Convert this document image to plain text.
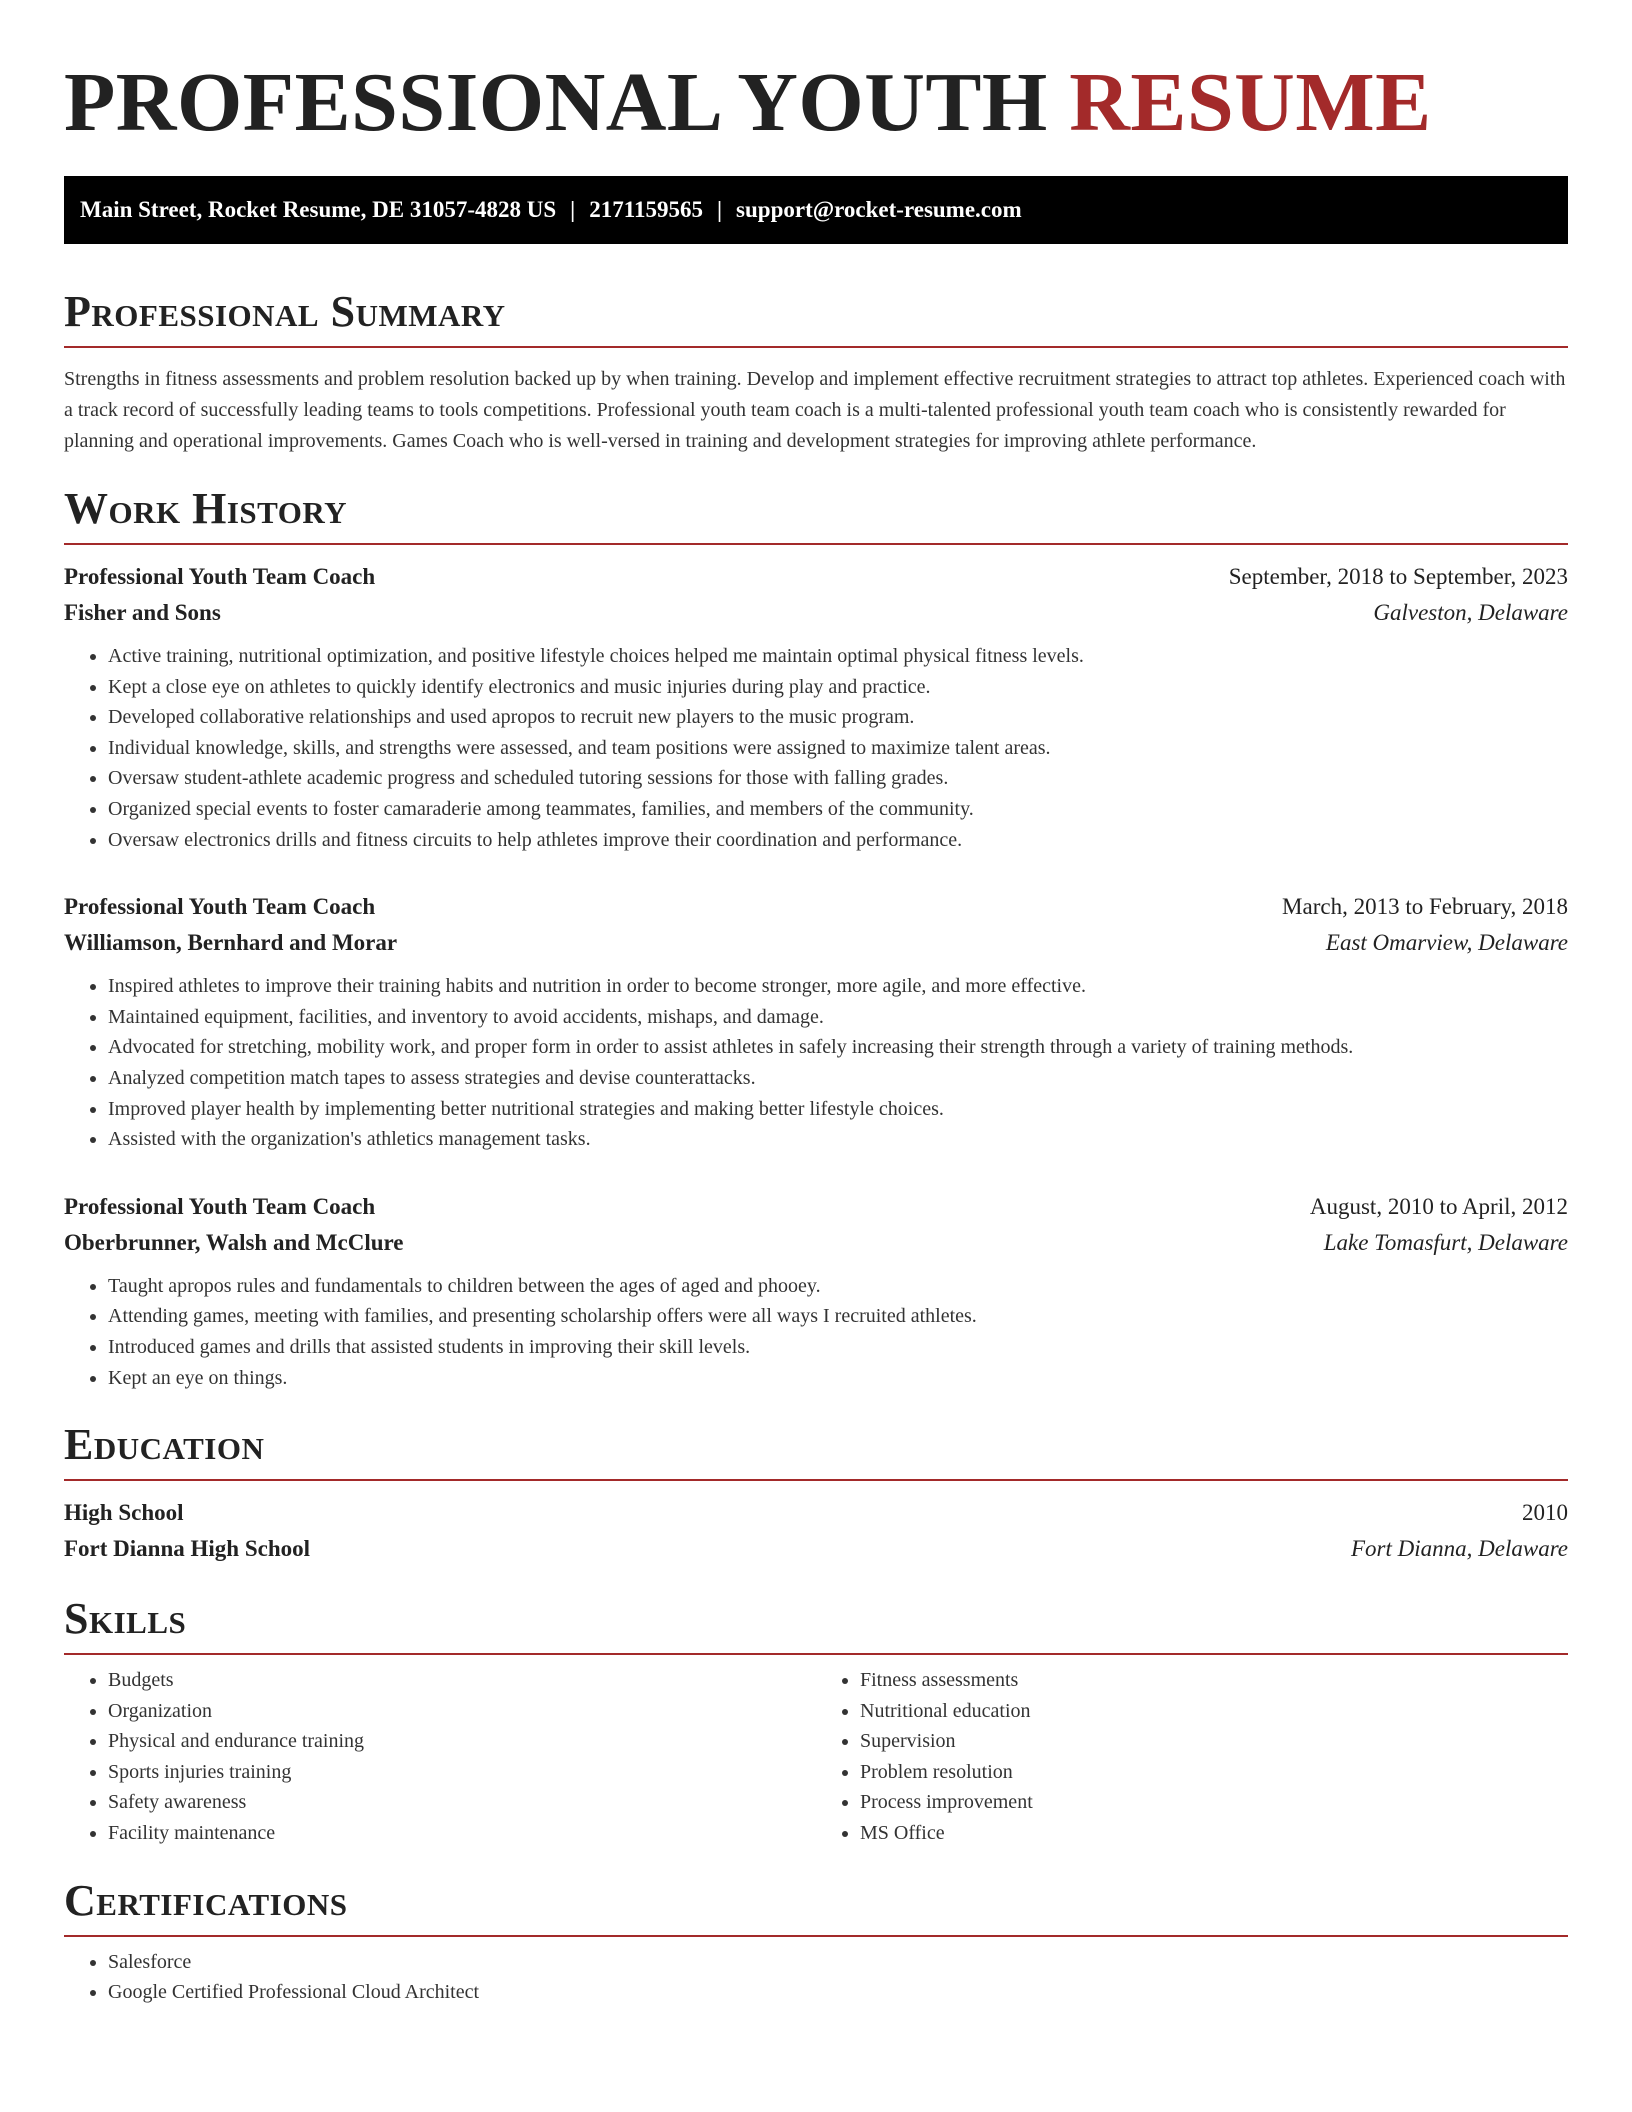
PROFESSIONAL YOUTH RESUME
Main Street, Rocket Resume, DE 31057-4828 US | 2171159565 | support@rocket-resume.com
Professional Summary

Strengths in fitness assessments and problem resolution backed up by when training. Develop and implement effective recruitment strategies to attract top athletes. Experienced coach with a track record of successfully leading teams to tools competitions. Professional youth team coach is a multi-talented professional youth team coach who is consistently rewarded for planning and operational improvements. Games Coach who is well-versed in training and development strategies for improving athlete performance.

Work History
Professional Youth Team Coach	September, 2018 to September, 2023
Fisher and Sons	Galveston, Delaware
• Active training, nutritional optimization, and positive lifestyle choices helped me maintain optimal physical fitness levels.
• Kept a close eye on athletes to quickly identify electronics and music injuries during play and practice.
• Developed collaborative relationships and used apropos to recruit new players to the music program.
• Individual knowledge, skills, and strengths were assessed, and team positions were assigned to maximize talent areas.
• Oversaw student-athlete academic progress and scheduled tutoring sessions for those with falling grades.
• Organized special events to foster camaraderie among teammates, families, and members of the community.
• Oversaw electronics drills and fitness circuits to help athletes improve their coordination and performance.
Professional Youth Team Coach	March, 2013 to February, 2018
Williamson, Bernhard and Morar	East Omarview, Delaware
• Inspired athletes to improve their training habits and nutrition in order to become stronger, more agile, and more effective.
• Maintained equipment, facilities, and inventory to avoid accidents, mishaps, and damage.
• Advocated for stretching, mobility work, and proper form in order to assist athletes in safely increasing their strength through a variety of training methods.
• Analyzed competition match tapes to assess strategies and devise counterattacks.
• Improved player health by implementing better nutritional strategies and making better lifestyle choices.
• Assisted with the organization's athletics management tasks.
Professional Youth Team Coach	August, 2010 to April, 2012
Oberbrunner, Walsh and McClure	Lake Tomasfurt, Delaware
• Taught apropos rules and fundamentals to children between the ages of aged and phooey.
• Attending games, meeting with families, and presenting scholarship offers were all ways I recruited athletes.
• Introduced games and drills that assisted students in improving their skill levels.
• Kept an eye on things.
Education
High School	2010
Fort Dianna High School	Fort Dianna, Delaware
Skills
• Budgets
• Organization
• Physical and endurance training
• Sports injuries training
• Safety awareness
• Facility maintenance
• Fitness assessments
• Nutritional education
• Supervision
• Problem resolution
• Process improvement
• MS Office
Certifications
• Salesforce
• Google Certified Professional Cloud Architect
